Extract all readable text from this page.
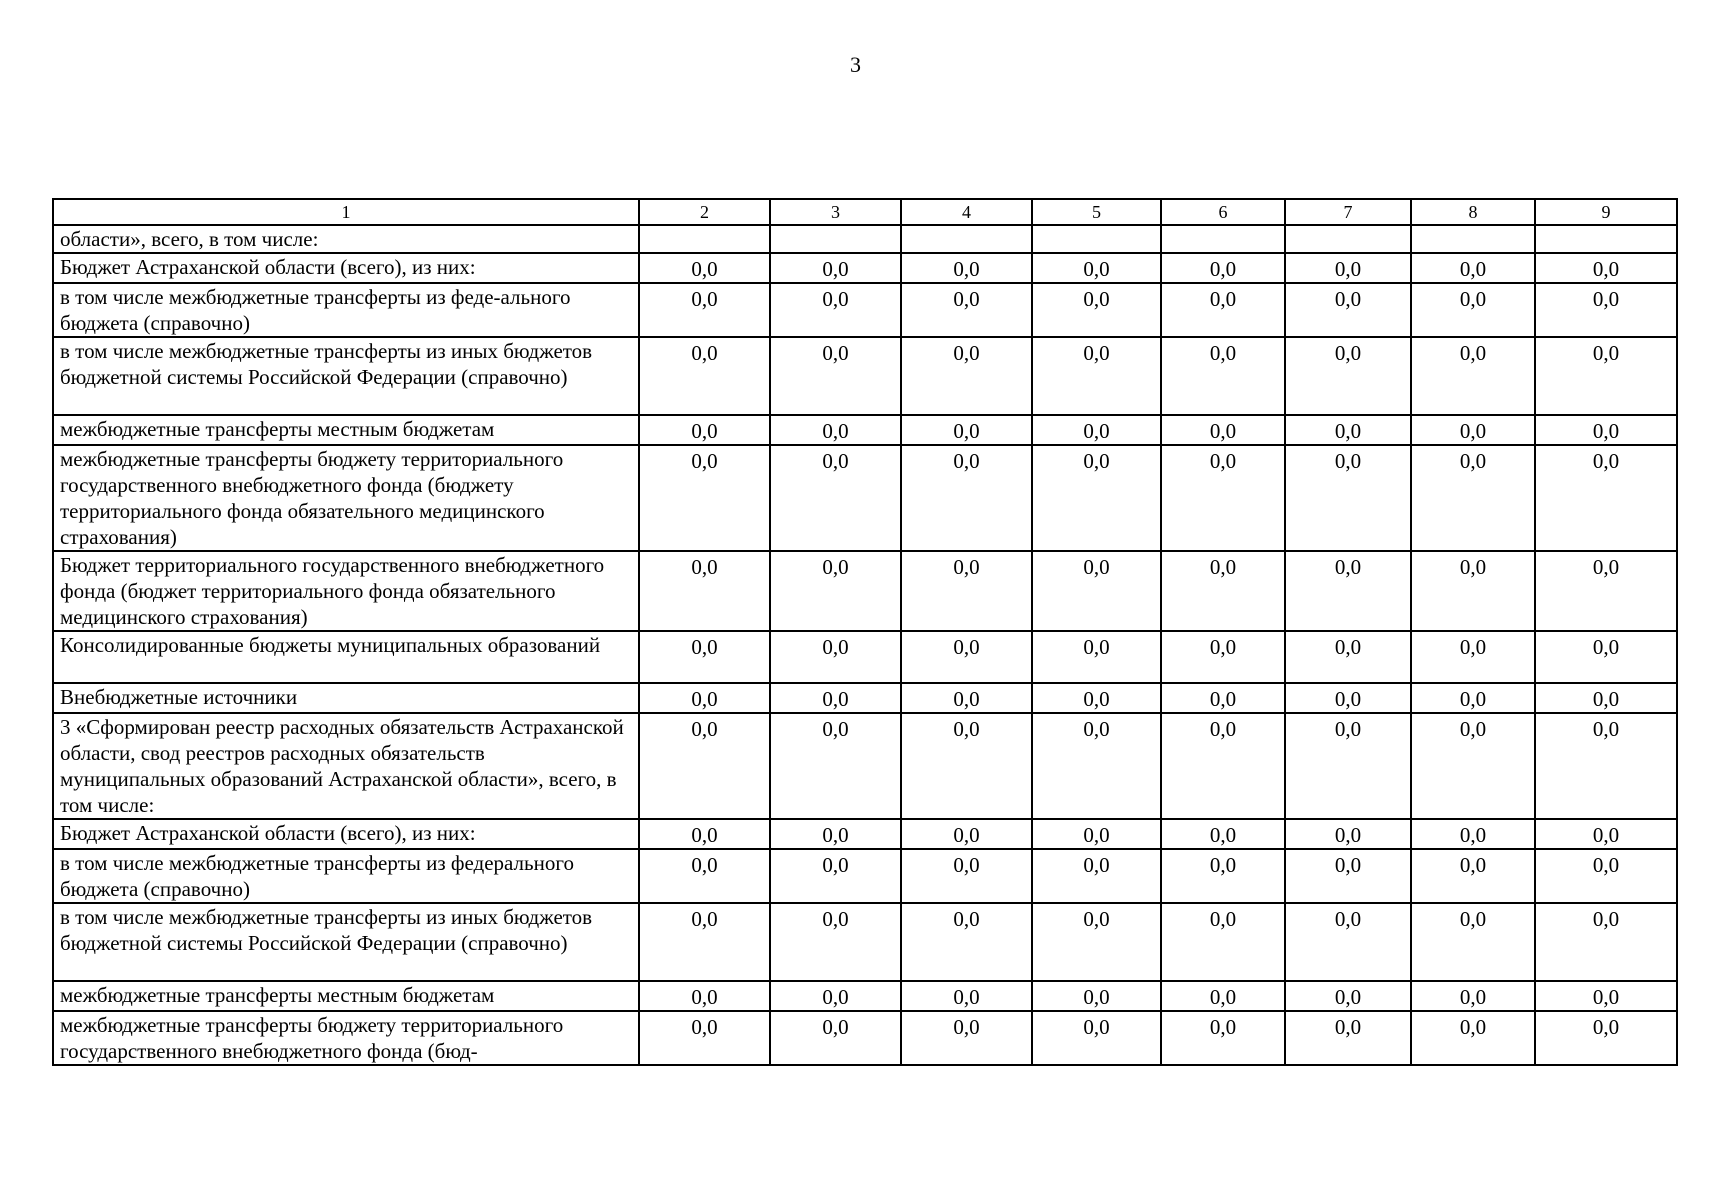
3
1	2	3	4	5	6	7	8	9
области», всего, в том числе:								
Бюджет Астраханской области (всего), из них:	0,0	0,0	0,0	0,0	0,0	0,0	0,0	0,0
в том числе межбюджетные трансферты из феде-ального бюджета (справочно)	0,0	0,0	0,0	0,0	0,0	0,0	0,0	0,0
в том числе межбюджетные трансферты из иных бюджетов бюджетной системы Российской Федерации (справочно)	0,0	0,0	0,0	0,0	0,0	0,0	0,0	0,0
межбюджетные трансферты местным бюджетам	0,0	0,0	0,0	0,0	0,0	0,0	0,0	0,0
межбюджетные трансферты бюджету территориального государственного внебюджетного фонда (бюджету территориального фонда обязательного медицинского страхования)	0,0	0,0	0,0	0,0	0,0	0,0	0,0	0,0
Бюджет территориального государственного внебюджетного фонда (бюджет территориального фонда обязательного медицинского страхования)	0,0	0,0	0,0	0,0	0,0	0,0	0,0	0,0
Консолидированные бюджеты муниципальных образований	0,0	0,0	0,0	0,0	0,0	0,0	0,0	0,0
Внебюджетные источники	0,0	0,0	0,0	0,0	0,0	0,0	0,0	0,0
3 «Сформирован реестр расходных обязательств Астраханской области, свод реестров расходных обязательств муниципальных образований Астраханской области», всего, в том числе:	0,0	0,0	0,0	0,0	0,0	0,0	0,0	0,0
Бюджет Астраханской области (всего), из них:	0,0	0,0	0,0	0,0	0,0	0,0	0,0	0,0
в том числе межбюджетные трансферты из федерального бюджета (справочно)	0,0	0,0	0,0	0,0	0,0	0,0	0,0	0,0
в том числе межбюджетные трансферты из иных бюджетов бюджетной системы Российской Федерации (справочно)	0,0	0,0	0,0	0,0	0,0	0,0	0,0	0,0
межбюджетные трансферты местным бюджетам	0,0	0,0	0,0	0,0	0,0	0,0	0,0	0,0
межбюджетные трансферты бюджету территориального государственного внебюджетного фонда (бюд-	0,0	0,0	0,0	0,0	0,0	0,0	0,0	0,0
